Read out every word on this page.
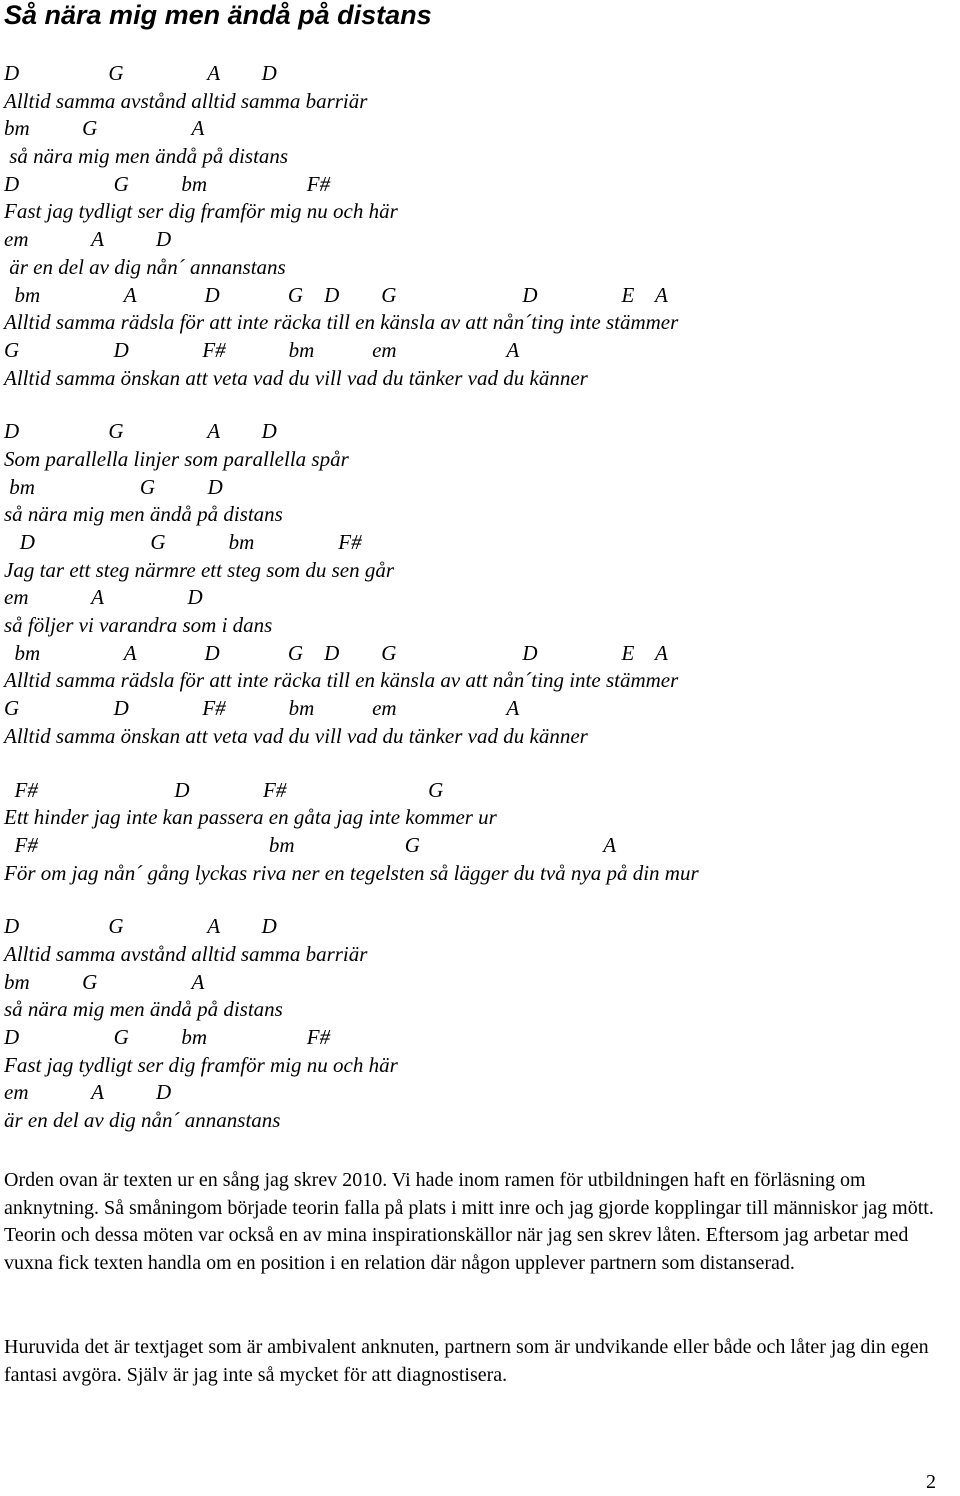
Så nära mig men ändå på distans
D                 G                A        D
Alltid samma avstånd alltid samma barriär
bm          G                  A
så nära mig men ändå på distans
D                  G          bm                   F#
Fast jag tydligt ser dig framför mig nu och här
em            A          D
är en del av dig nån´ annanstans
bm                A             D             G    D        G                        D                E    A
Alltid samma rädsla för att inte räcka till en känsla av att nån´ting inte stämmer
G                  D              F#            bm           em                     A
Alltid samma önskan att veta vad du vill vad du tänker vad du känner
D                 G                A        D
Som parallella linjer som parallella spår
bm                    G          D
så nära mig men ändå på distans
D                      G            bm                F#
Jag tar ett steg närmre ett steg som du sen går
em            A                D
så följer vi varandra som i dans
bm                A             D             G    D        G                        D                E    A
Alltid samma rädsla för att inte räcka till en känsla av att nån´ting inte stämmer
G                  D              F#            bm           em                     A
Alltid samma önskan att veta vad du vill vad du tänker vad du känner
F#                          D              F#                           G
Ett hinder jag inte kan passera en gåta jag inte kommer ur
F#                                            bm                     G                                   A
För om jag nån´ gång lyckas riva ner en tegelsten så lägger du två nya på din mur
D                 G                A        D
Alltid samma avstånd alltid samma barriär
bm          G                  A
så nära mig men ändå på distans
D                  G          bm                   F#
Fast jag tydligt ser dig framför mig nu och här
em            A          D
är en del av dig nån´ annanstans

Orden ovan är texten ur en sång jag skrev 2010. Vi hade inom ramen för utbildningen haft en förläsning om anknytning. Så småningom började teorin falla på plats i mitt inre och jag gjorde kopplingar till människor jag mött. Teorin och dessa möten var också en av mina inspirationskällor när jag sen skrev låten. Eftersom jag arbetar med vuxna fick texten handla om en position i en relation där någon upplever partnern som distanserad.

Huruvida det är textjaget som är ambivalent anknuten, partnern som är undvikande eller både och låter jag din egen fantasi avgöra. Själv är jag inte så mycket för att diagnostisera.

2
